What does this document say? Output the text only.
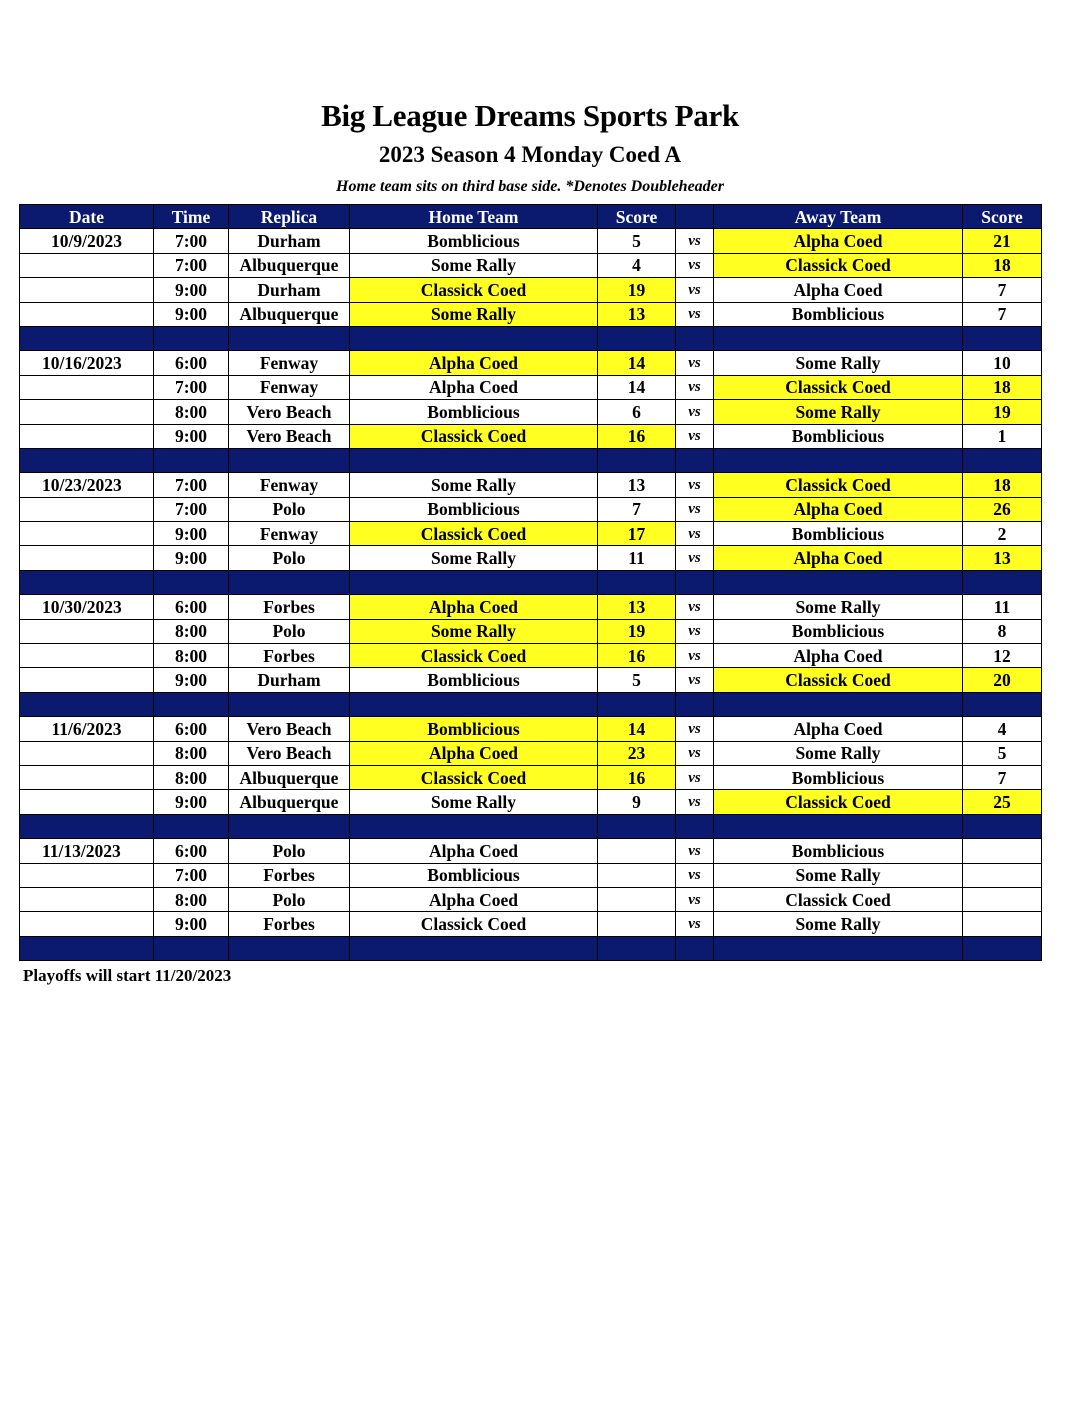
Big League Dreams Sports Park
2023 Season 4 Monday Coed A
Home team sits on third base side. *Denotes Doubleheader
Date	Time	Replica	Home Team	Score		Away Team	Score
10/9/2023	7:00	Durham	Bomblicious	5	vs	Alpha Coed	21
	7:00	Albuquerque	Some Rally	4	vs	Classick Coed	18
	9:00	Durham	Classick Coed	19	vs	Alpha Coed	7
	9:00	Albuquerque	Some Rally	13	vs	Bomblicious	7

10/16/2023	6:00	Fenway	Alpha Coed	14	vs	Some Rally	10
	7:00	Fenway	Alpha Coed	14	vs	Classick Coed	18
	8:00	Vero Beach	Bomblicious	6	vs	Some Rally	19
	9:00	Vero Beach	Classick Coed	16	vs	Bomblicious	1

10/23/2023	7:00	Fenway	Some Rally	13	vs	Classick Coed	18
	7:00	Polo	Bomblicious	7	vs	Alpha Coed	26
	9:00	Fenway	Classick Coed	17	vs	Bomblicious	2
	9:00	Polo	Some Rally	11	vs	Alpha Coed	13

10/30/2023	6:00	Forbes	Alpha Coed	13	vs	Some Rally	11
	8:00	Polo	Some Rally	19	vs	Bomblicious	8
	8:00	Forbes	Classick Coed	16	vs	Alpha Coed	12
	9:00	Durham	Bomblicious	5	vs	Classick Coed	20

11/6/2023	6:00	Vero Beach	Bomblicious	14	vs	Alpha Coed	4
	8:00	Vero Beach	Alpha Coed	23	vs	Some Rally	5
	8:00	Albuquerque	Classick Coed	16	vs	Bomblicious	7
	9:00	Albuquerque	Some Rally	9	vs	Classick Coed	25

11/13/2023	6:00	Polo	Alpha Coed		vs	Bomblicious	
	7:00	Forbes	Bomblicious		vs	Some Rally	
	8:00	Polo	Alpha Coed		vs	Classick Coed	
	9:00	Forbes	Classick Coed		vs	Some Rally	

Playoffs will start 11/20/2023
